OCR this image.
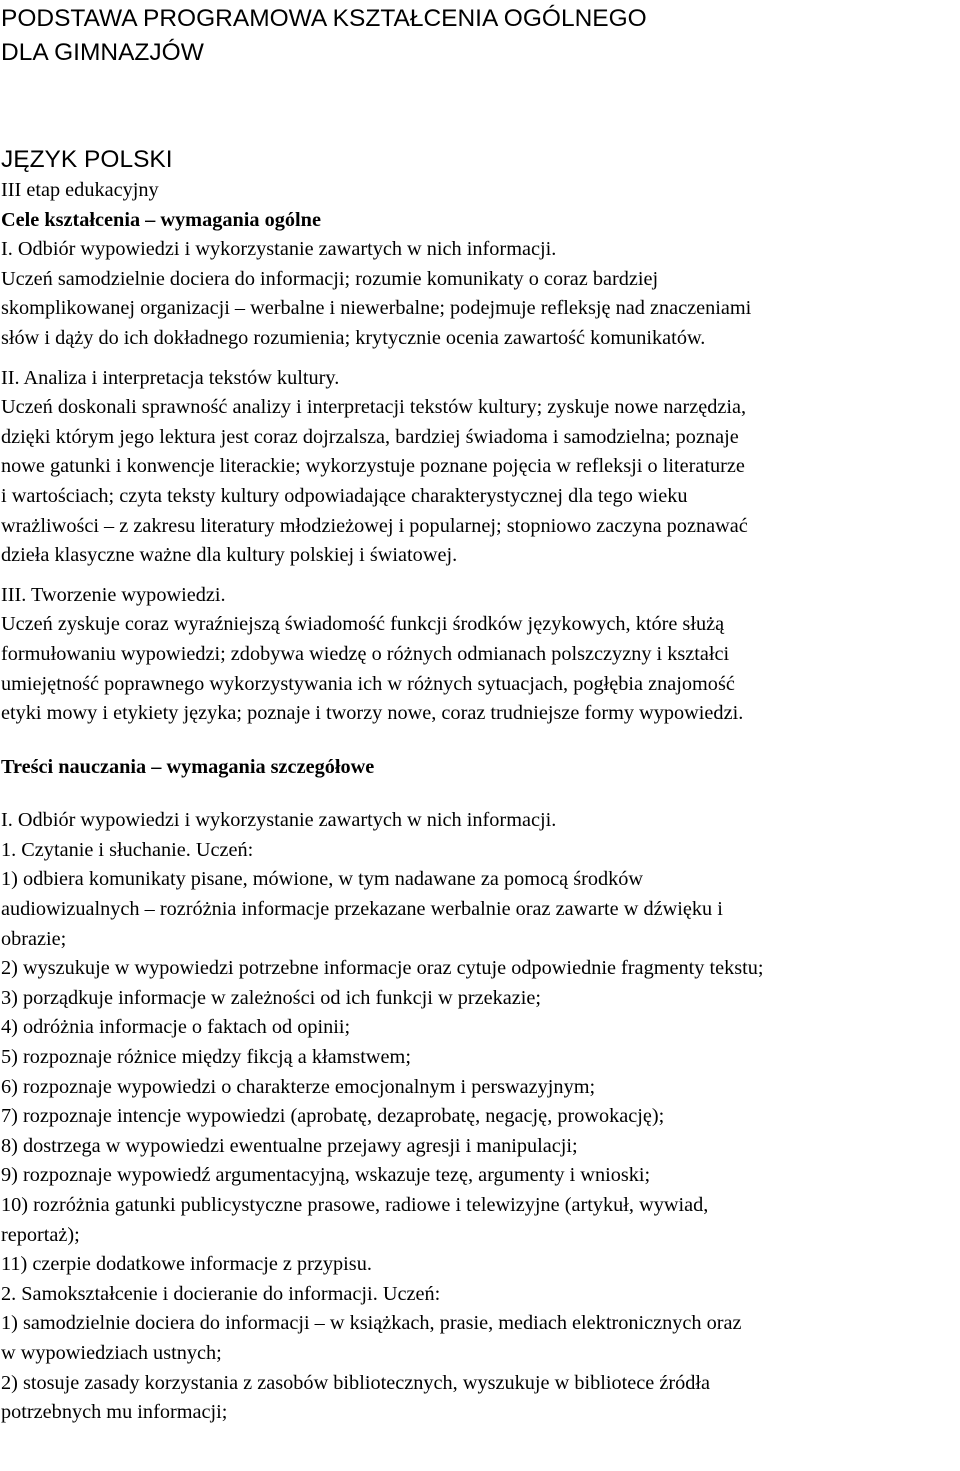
PODSTAWA PROGRAMOWA KSZTAŁCENIA OGÓLNEGO
DLA GIMNAZJÓW
JĘZYK POLSKI
III etap edukacyjny
Cele kształcenia – wymagania ogólne
I. Odbiór wypowiedzi i wykorzystanie zawartych w nich informacji.
Uczeń samodzielnie dociera do informacji; rozumie komunikaty o coraz bardziej
skomplikowanej organizacji – werbalne i niewerbalne; podejmuje refleksję nad znaczeniami
słów i dąży do ich dokładnego rozumienia; krytycznie ocenia zawartość komunikatów.
II. Analiza i interpretacja tekstów kultury.
Uczeń doskonali sprawność analizy i interpretacji tekstów kultury; zyskuje nowe narzędzia,
dzięki którym jego lektura jest coraz dojrzalsza, bardziej świadoma i samodzielna; poznaje
nowe gatunki i konwencje literackie; wykorzystuje poznane pojęcia w refleksji o literaturze
i wartościach; czyta teksty kultury odpowiadające charakterystycznej dla tego wieku
wrażliwości – z zakresu literatury młodzieżowej i popularnej; stopniowo zaczyna poznawać
dzieła klasyczne ważne dla kultury polskiej i światowej.
III. Tworzenie wypowiedzi.
Uczeń zyskuje coraz wyraźniejszą świadomość funkcji środków językowych, które służą
formułowaniu wypowiedzi; zdobywa wiedzę o różnych odmianach polszczyzny i kształci
umiejętność poprawnego wykorzystywania ich w różnych sytuacjach, pogłębia znajomość
etyki mowy i etykiety języka; poznaje i tworzy nowe, coraz trudniejsze formy wypowiedzi.
Treści nauczania – wymagania szczegółowe
I. Odbiór wypowiedzi i wykorzystanie zawartych w nich informacji.
1. Czytanie i słuchanie. Uczeń:
1) odbiera komunikaty pisane, mówione, w tym nadawane za pomocą środków
audiowizualnych – rozróżnia informacje przekazane werbalnie oraz zawarte w dźwięku i
obrazie;
2) wyszukuje w wypowiedzi potrzebne informacje oraz cytuje odpowiednie fragmenty tekstu;
3) porządkuje informacje w zależności od ich funkcji w przekazie;
4) odróżnia informacje o faktach od opinii;
5) rozpoznaje różnice między fikcją a kłamstwem;
6) rozpoznaje wypowiedzi o charakterze emocjonalnym i perswazyjnym;
7) rozpoznaje intencje wypowiedzi (aprobatę, dezaprobatę, negację, prowokację);
8) dostrzega w wypowiedzi ewentualne przejawy agresji i manipulacji;
9) rozpoznaje wypowiedź argumentacyjną, wskazuje tezę, argumenty i wnioski;
10) rozróżnia gatunki publicystyczne prasowe, radiowe i telewizyjne (artykuł, wywiad,
reportaż);
11) czerpie dodatkowe informacje z przypisu.
2. Samokształcenie i docieranie do informacji. Uczeń:
1) samodzielnie dociera do informacji – w książkach, prasie, mediach elektronicznych oraz
w wypowiedziach ustnych;
2) stosuje zasady korzystania z zasobów bibliotecznych, wyszukuje w bibliotece źródła
potrzebnych mu informacji;
